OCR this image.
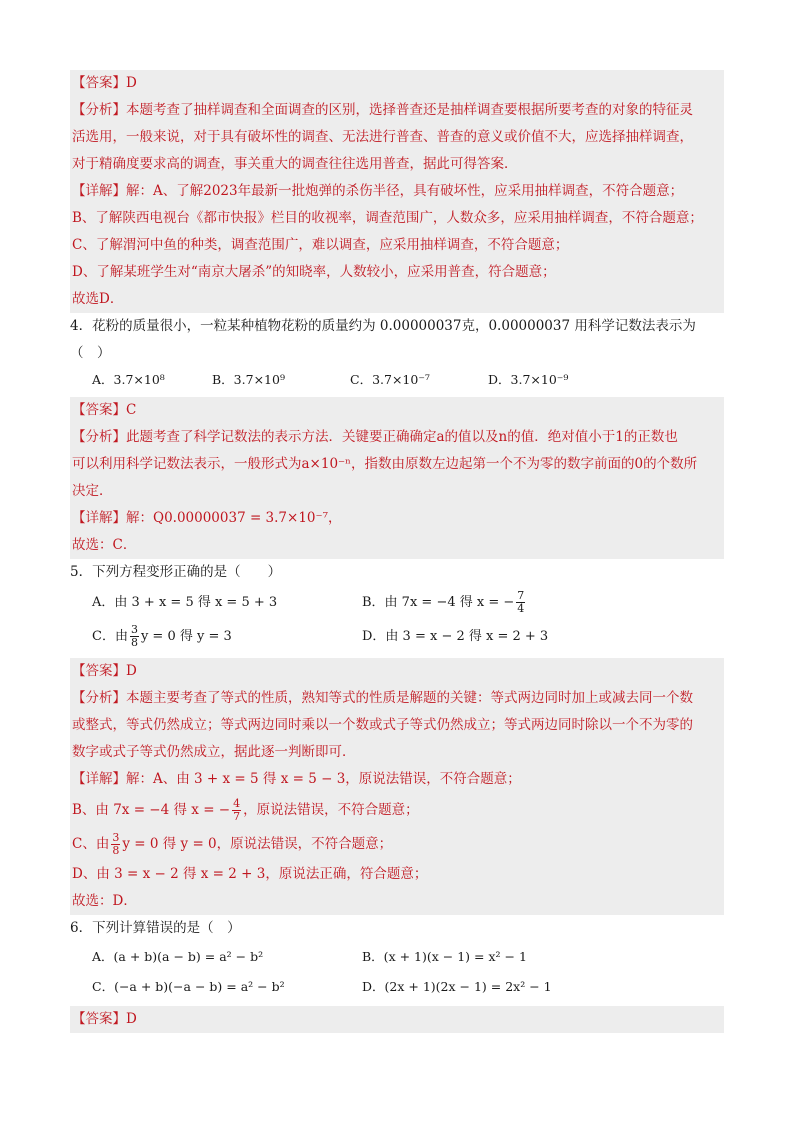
【答案】D
【分析】本题考查了抽样调查和全面调查的区别，选择普查还是抽样调查要根据所要考查的对象的特征灵
活选用，一般来说，对于具有破坏性的调查、无法进行普查、普查的意义或价值不大，应选择抽样调查，
对于精确度要求高的调查，事关重大的调查往往选用普查，据此可得答案．
【详解】解：A、了解2023年最新一批炮弹的杀伤半径，具有破坏性，应采用抽样调查，不符合题意；
B、了解陕西电视台《都市快报》栏目的收视率，调查范围广，人数众多，应采用抽样调查，不符合题意；
C、了解渭河中鱼的种类，调查范围广，难以调查，应采用抽样调查，不符合题意；
D、了解某班学生对“南京大屠杀”的知晓率，人数较小，应采用普查，符合题意；
故选D．
4．花粉的质量很小，一粒某种植物花粉的质量约为 0.00000037克，0.00000037 用科学记数法表示为（　）
A．3.7×10⁸	B．3.7×10⁹	C．3.7×10⁻⁷	D．3.7×10⁻⁹
【答案】C
【分析】此题考查了科学记数法的表示方法．关键要正确确定a的值以及n的值．绝对值小于1的正数也
可以利用科学记数法表示，一般形式为a×10⁻ⁿ，指数由原数左边起第一个不为零的数字前面的0的个数所
决定．
【详解】解：Q0.00000037 = 3.7×10⁻⁷，
故选：C．
5．下列方程变形正确的是（　　）
A．由 3 + x = 5 得 x = 5 + 3	B．由 7x = −4 得 x = − $\frac{7}{4}$
C．由 $\frac{3}{8}$ y = 0 得 y = 3	D．由 3 = x − 2 得 x = 2 + 3
【答案】D
【分析】本题主要考查了等式的性质，熟知等式的性质是解题的关键：等式两边同时加上或减去同一个数
或整式，等式仍然成立；等式两边同时乘以一个数或式子等式仍然成立；等式两边同时除以一个不为零的
数字或式子等式仍然成立，据此逐一判断即可．
【详解】解：A、由 3 + x = 5 得 x = 5 − 3，原说法错误，不符合题意；
B、由 7x = −4 得 x = − $\frac{4}{7}$ ，原说法错误，不符合题意；
C、由 $\frac{3}{8}$ y = 0 得 y = 0，原说法错误，不符合题意；
D、由 3 = x − 2 得 x = 2 + 3，原说法正确，符合题意；
故选：D．
6．下列计算错误的是（　）
A．(a + b)(a − b) = a² − b²	B．(x + 1)(x − 1) = x² − 1
C．(−a + b)(−a − b) = a² − b²	D．(2x + 1)(2x − 1) = 2x² − 1
【答案】D
